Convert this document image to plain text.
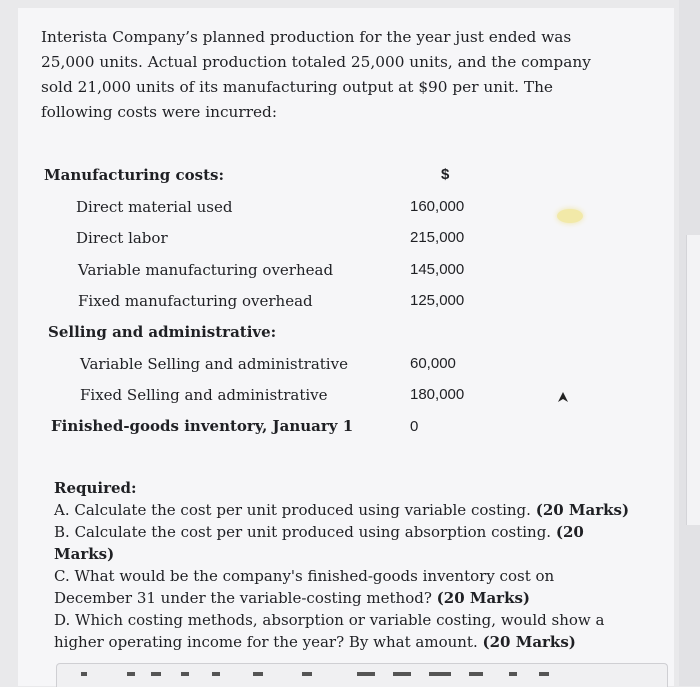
Interista Company’s planned production for the year just ended was 25,000 units. Actual production totaled 25,000 units, and the company sold 21,000 units of its manufacturing output at $90 per unit. The following costs were incurred:
$
Manufacturing costs:
Direct material used	160,000
Direct labor	215,000
Variable manufacturing overhead	145,000
Fixed manufacturing overhead	125,000
Selling and administrative:
Variable Selling and administrative	60,000
Fixed Selling and administrative	180,000
Finished-goods inventory, January 1	0

Required:

A. Calculate the cost per unit produced using variable costing. (20 Marks)

B. Calculate the cost per unit produced using absorption costing. (20 Marks)

C. What would be the company's finished-goods inventory cost on December 31 under the variable-costing method? (20 Marks)

D. Which costing methods, absorption or variable costing, would show a higher operating income for the year? By what amount. (20 Marks)
